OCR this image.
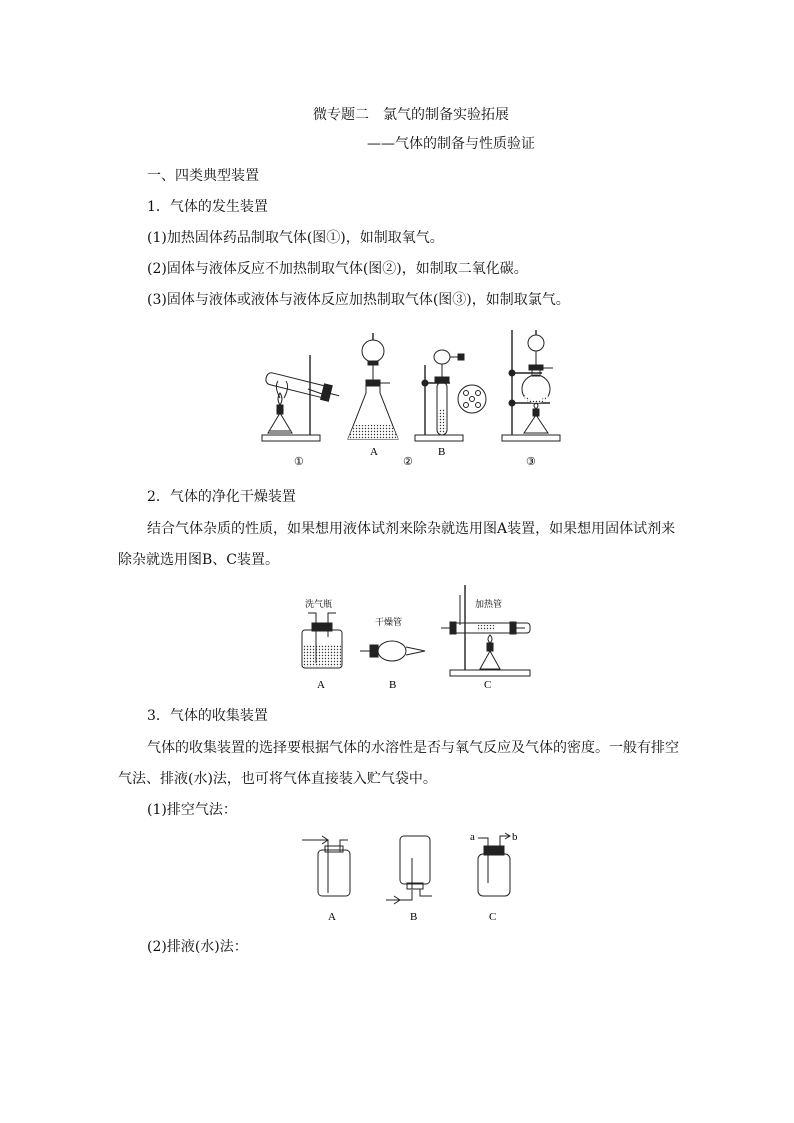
微专题二　氯气的制备实验拓展
——气体的制备与性质验证
一、四类典型装置
1．气体的发生装置
(1)加热固体药品制取气体(图①)，如制取氧气。
(2)固体与液体反应不加热制取气体(图②)，如制取二氧化碳。
(3)固体与液体或液体与液体反应加热制取气体(图③)，如制取氯气。
①
A
②
B
③
2．气体的净化干燥装置
结合气体杂质的性质，如果想用液体试剂来除杂就选用图A装置，如果想用固体试剂来
除杂就选用图B、C装置。
洗气瓶
A
干燥管
B
加热管
C
3．气体的收集装置
气体的收集装置的选择要根据气体的水溶性是否与氧气反应及气体的密度。一般有排空
气法、排液(水)法，也可将气体直接装入贮气袋中。
(1)排空气法：
A	B
a	b
C
(2)排液(水)法：
